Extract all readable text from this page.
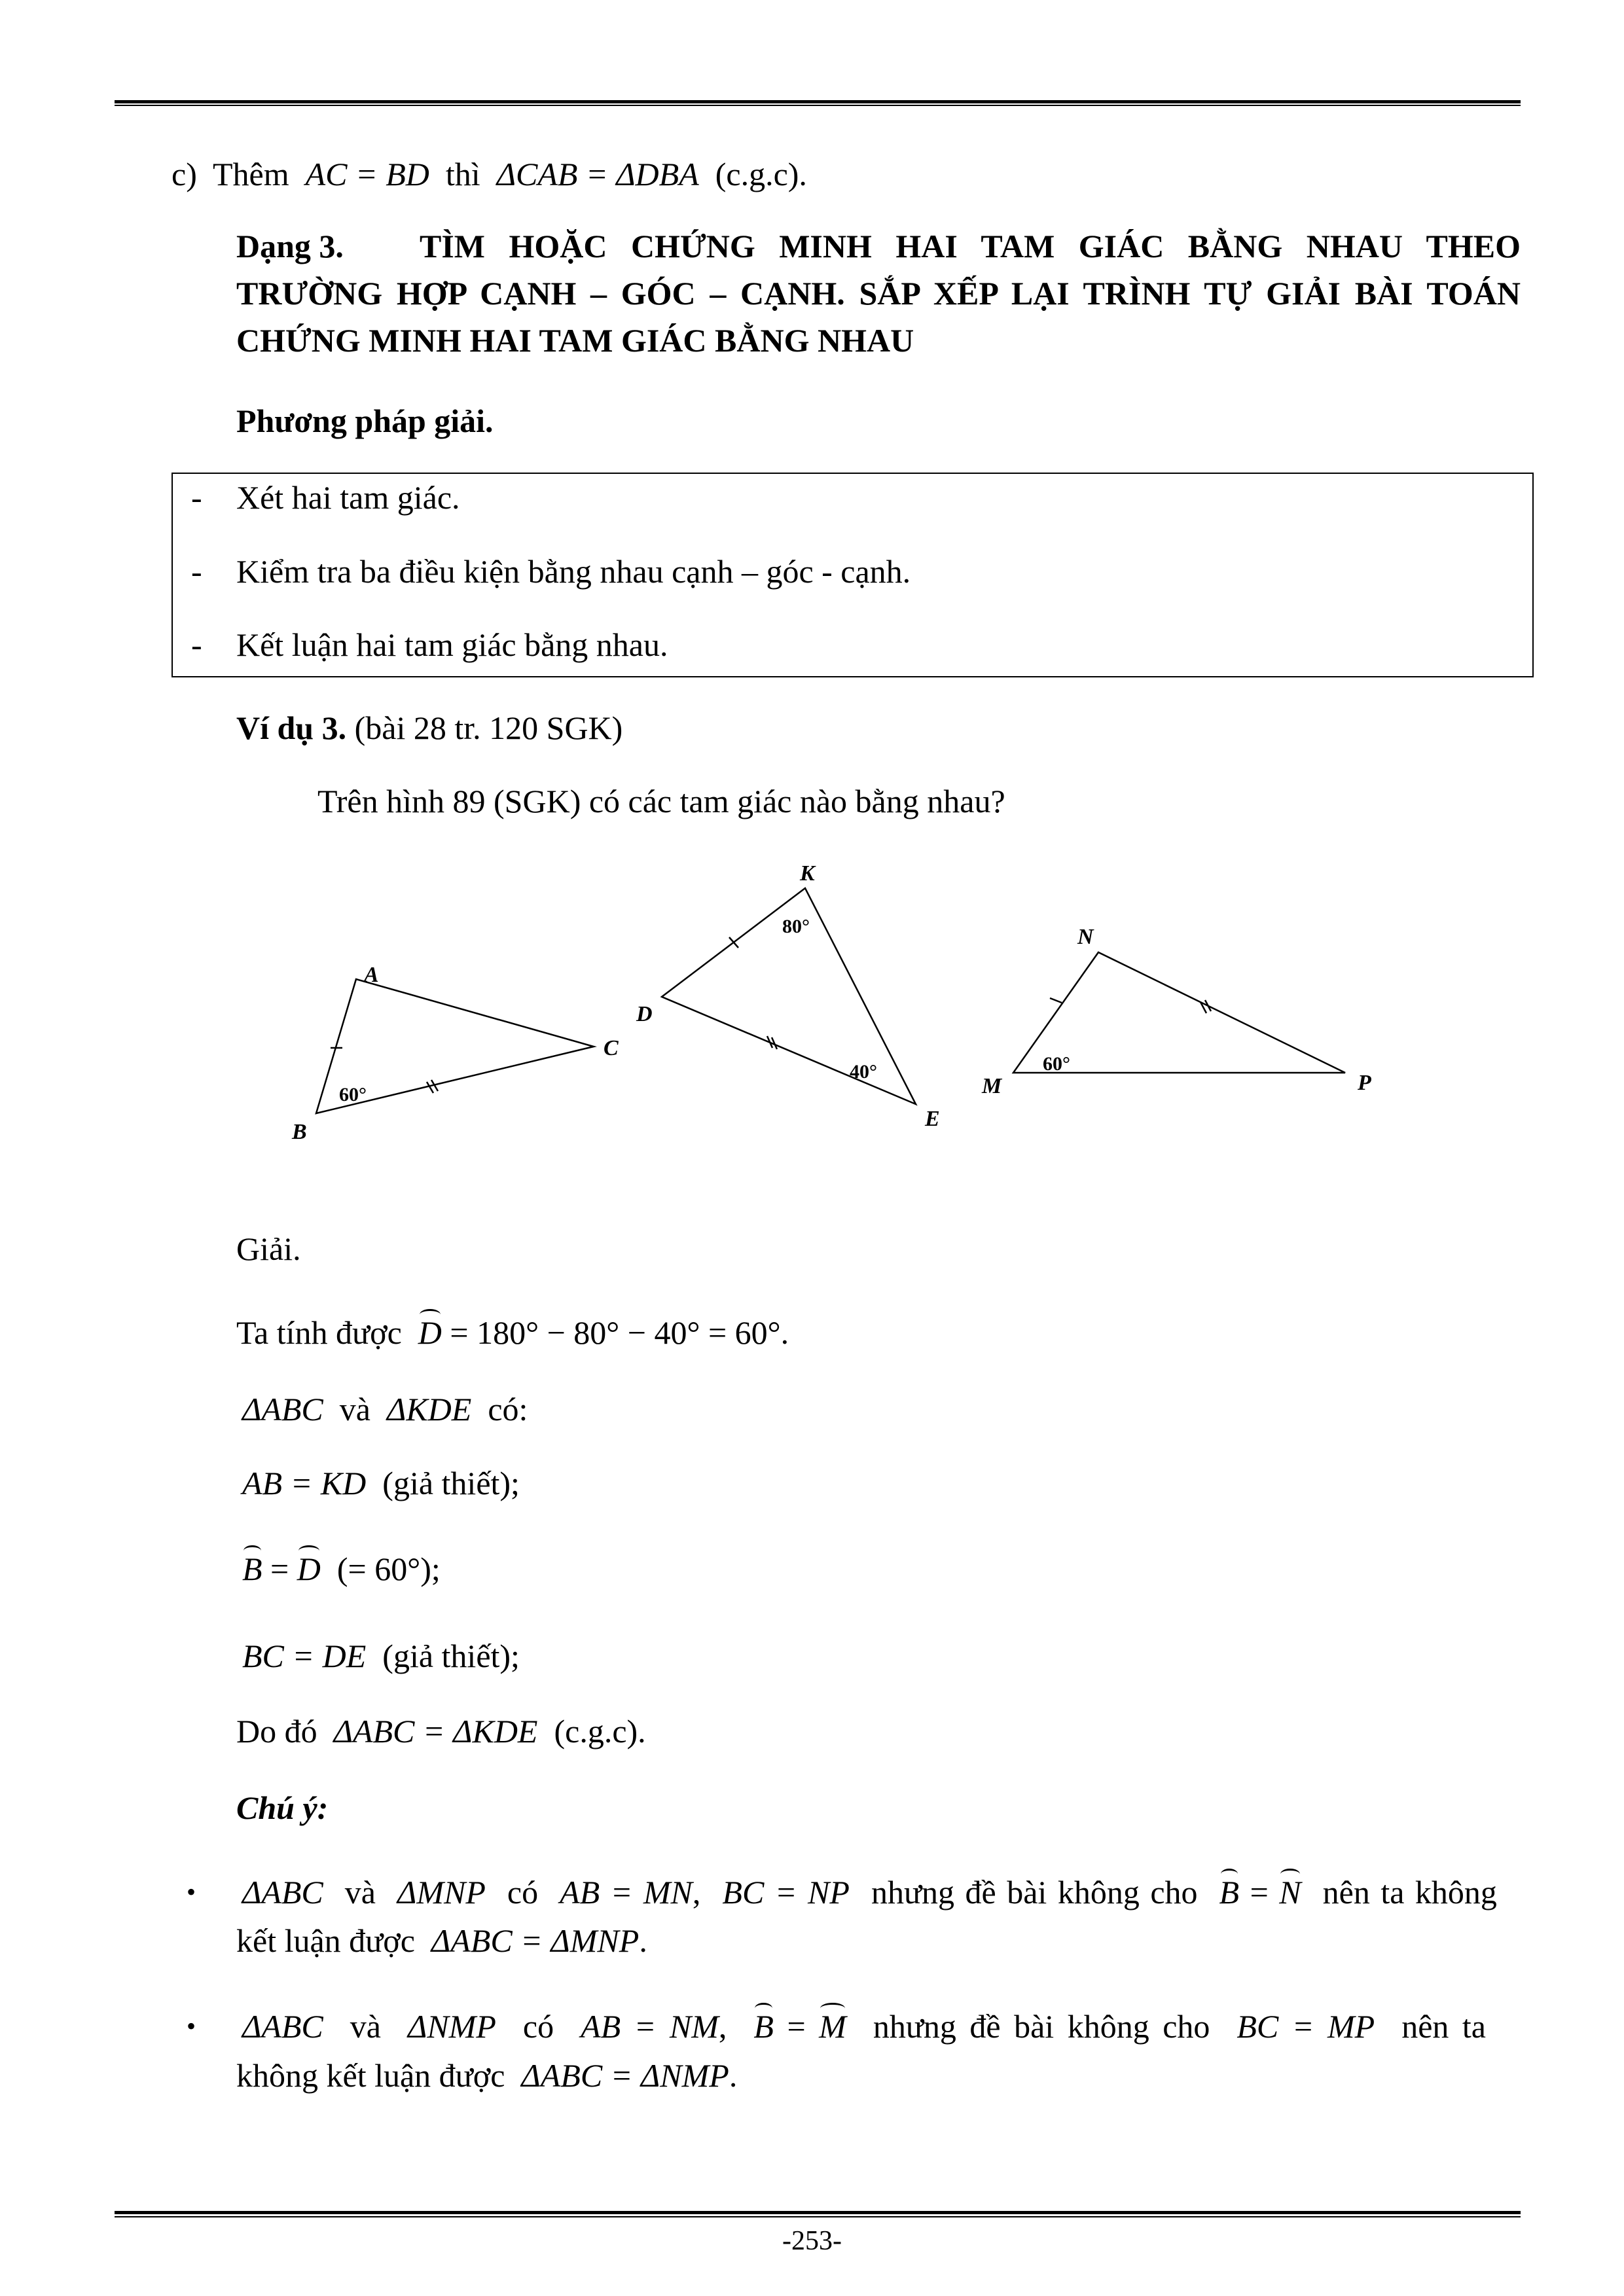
c) Thêm AC = BD thì ΔCAB = ΔDBA (c.g.c).
Dạng 3. TÌM HOẶC CHỨNG MINH HAI TAM GIÁC BẰNG NHAU THEO TRƯỜNG HỢP CẠNH – GÓC – CẠNH. SẮP XẾP LẠI TRÌNH TỰ GIẢI BÀI TOÁN CHỨNG MINH HAI TAM GIÁC BẰNG NHAU
Phương pháp giải.
- Xét hai tam giác.
- Kiểm tra ba điều kiện bằng nhau cạnh – góc - cạnh.
- Kết luận hai tam giác bằng nhau.
Ví dụ 3. (bài 28 tr. 120 SGK)
Trên hình 89 (SGK) có các tam giác nào bằng nhau?
A
B
C
K
D
E
N
M	P
60°
80°
40°	60°
Giải.
Ta tính được D = 180° − 80° − 40° = 60°.
ΔABC và ΔKDE có:
AB = KD (giả thiết);
B = D (= 60°);
BC = DE (giả thiết);
Do đó ΔABC = ΔKDE (c.g.c).
Chú ý:
• ΔABC và ΔMNP có AB = MN, BC = NP nhưng đề bài không cho B = N nên ta không
kết luận được ΔABC = ΔMNP.
• ΔABC và ΔNMP có AB = NM, B = M nhưng đề bài không cho BC = MP nên ta
không kết luận được ΔABC = ΔNMP.
-253-
